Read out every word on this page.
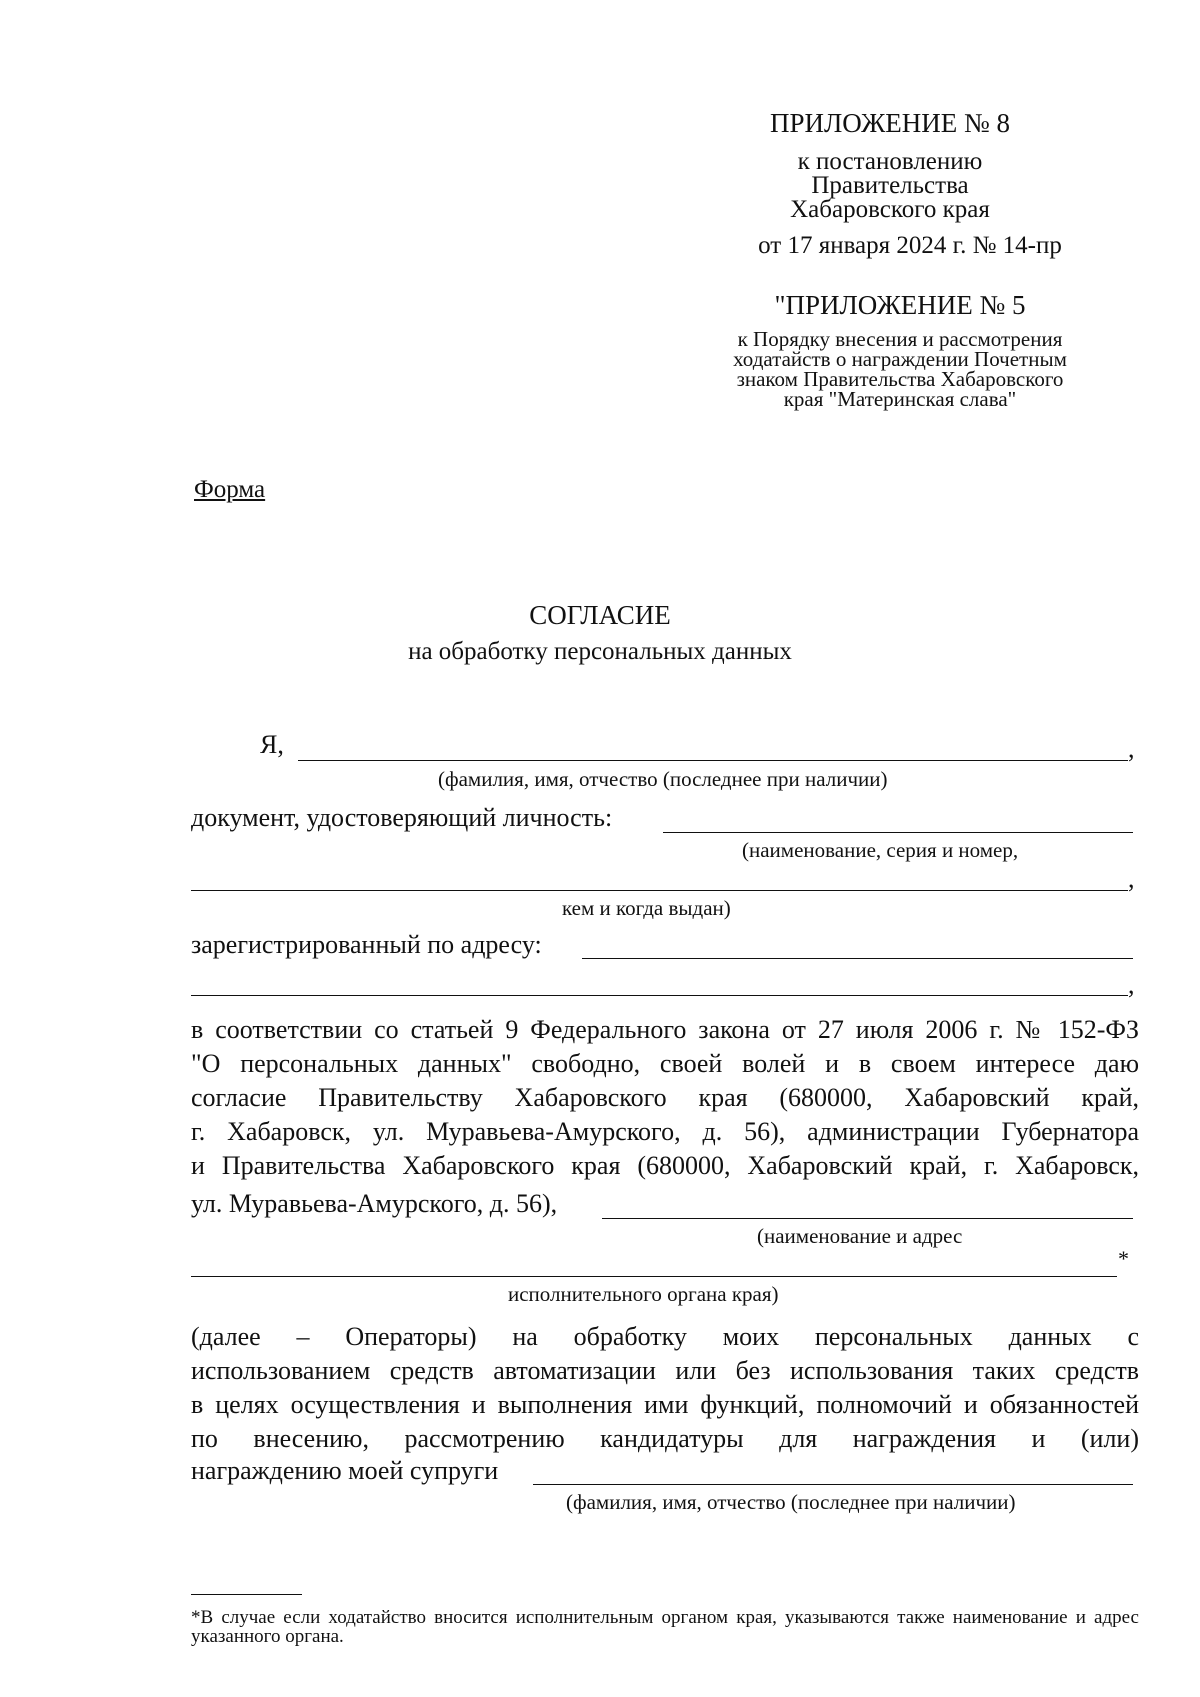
ПРИЛОЖЕНИЕ № 8
к постановлению
Правительства
Хабаровского края
от 17 января 2024 г. № 14-пр
"ПРИЛОЖЕНИЕ № 5
к Порядку внесения и рассмотрения
ходатайств о награждении Почетным
знаком Правительства Хабаровского
края "Материнская слава"
Форма
СОГЛАСИЕ
на обработку персональных данных
Я,	,
(фамилия, имя, отчество (последнее при наличии)
документ, удостоверяющий личность:
(наименование, серия и номер,
,
кем и когда выдан)
зарегистрированный по адресу:
,
в соответствии со статьей 9 Федерального закона от 27 июля 2006 г. № 152-ФЗ
"О персональных данных" свободно, своей волей и в своем интересе даю
согласие Правительству Хабаровского края (680000, Хабаровский край,
г. Хабаровск, ул. Муравьева-Амурского, д. 56), администрации Губернатора
и Правительства Хабаровского края (680000, Хабаровский край, г. Хабаровск,
ул. Муравьева-Амурского, д. 56),
(наименование и адрес
*
исполнительного органа края)
(далее – Операторы) на обработку моих персональных данных с
использованием средств автоматизации или без использования таких средств
в целях осуществления и выполнения ими функций, полномочий и обязанностей
по внесению, рассмотрению кандидатуры для награждения и (или)
награждению моей супруги
(фамилия, имя, отчество (последнее при наличии)
*В случае если ходатайство вносится исполнительным органом края, указываются также наименование и адрес указанного органа.
